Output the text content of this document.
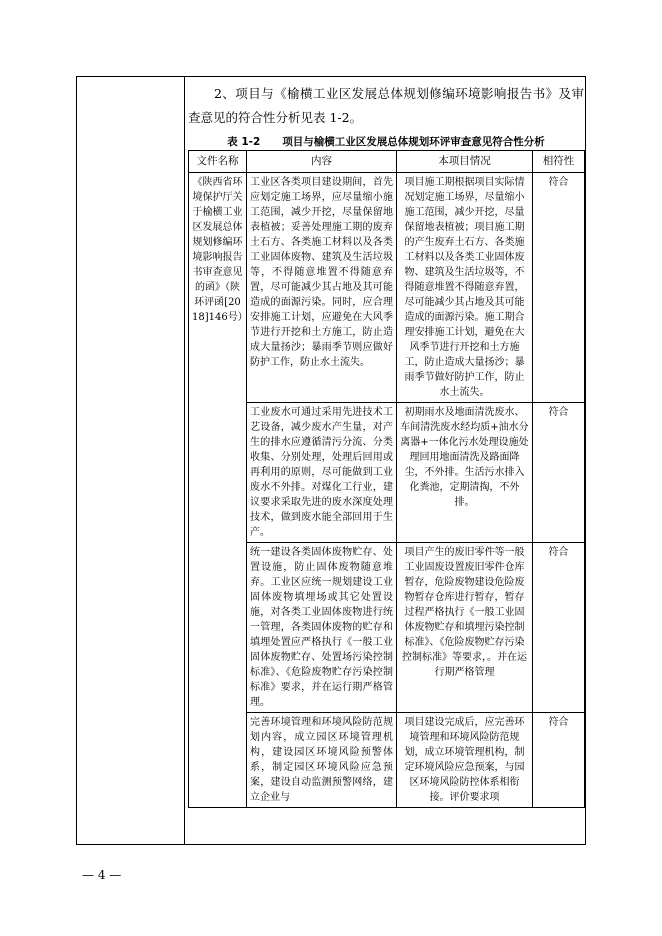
2、项目与《榆横工业区发展总体规划修编环境影响报告书》及审查意见的符合性分析见表 1-2。

表 1-2 项目与榆横工业区发展总体规划环评审查意见符合性分析
文件名称	内容	本项目情况	相符性
《陕西省环境保护厅关于榆横工业区发展总体规划修编环境影响报告书审查意见的函》（陕环评函[2018]146号）	工业区各类项目建设期间，首先应划定施工场界，应尽量缩小施工范围，减少开挖，尽量保留地表植被；妥善处理施工期的废弃土石方、各类施工材料以及各类工业固体废物、建筑及生活垃圾等，不得随意堆置不得随意弃置，尽可能减少其占地及其可能造成的面源污染。同时，应合理安排施工计划，应避免在大风季节进行开挖和土方施工，防止造成大量扬沙；暴雨季节则应做好防护工作，防止水土流失。	项目施工期根据项目实际情况划定施工场界，尽量缩小施工范围，减少开挖，尽量保留地表植被；项目施工期的产生废弃土石方、各类施工材料以及各类工业固体废物、建筑及生活垃圾等，不得随意堆置不得随意弃置，尽可能减少其占地及其可能造成的面源污染。施工期合理安排施工计划，避免在大风季节进行开挖和土方施工，防止造成大量扬沙；暴雨季节做好防护工作，防止水土流失。	符合
	工业废水可通过采用先进技术工艺设备，减少废水产生量，对产生的排水应遵循清污分流、分类收集、分别处理，处理后回用或再利用的原则，尽可能做到工业废水不外排。对煤化工行业，建议要求采取先进的废水深度处理技术，做到废水能全部回用于生产。	初期雨水及地面清洗废水、车间清洗废水经均质+油水分离器+一体化污水处理设施处理回用地面清洗及路面降尘，不外排。生活污水排入化粪池，定期清掏，不外排。	符合
	统一建设各类固体废物贮存、处置设施，防止固体废物随意堆弃。工业区应统一规划建设工业固体废物填埋场或其它处置设施，对各类工业固体废物进行统一管理，各类固体废物的贮存和填埋处置应严格执行《一般工业固体废物贮存、处置场污染控制标准》、《危险废物贮存污染控制标准》要求，并在运行期严格管理。	项目产生的废旧零件等一般工业固废设置废旧零件仓库暂存，危险废物建设危险废物暂存仓库进行暂存，暂存过程严格执行《一般工业固体废物贮存和填埋污染控制标准》、《危险废物贮存污染控制标准》等要求，。并在运行期严格管理	符合

	完善环境管理和环境风险防范规划内容，成立园区环境管理机构，建设园区环境风险预警体系，制定园区环境风险应急预案，建设自动监测预警网络，建立企业与	项目建设完成后，应完善环境管理和环境风险防范规划，成立环境管理机构，制定环境风险应急预案，与园区环境风险防控体系相衔接。评价要求项	符合
— 4 —
